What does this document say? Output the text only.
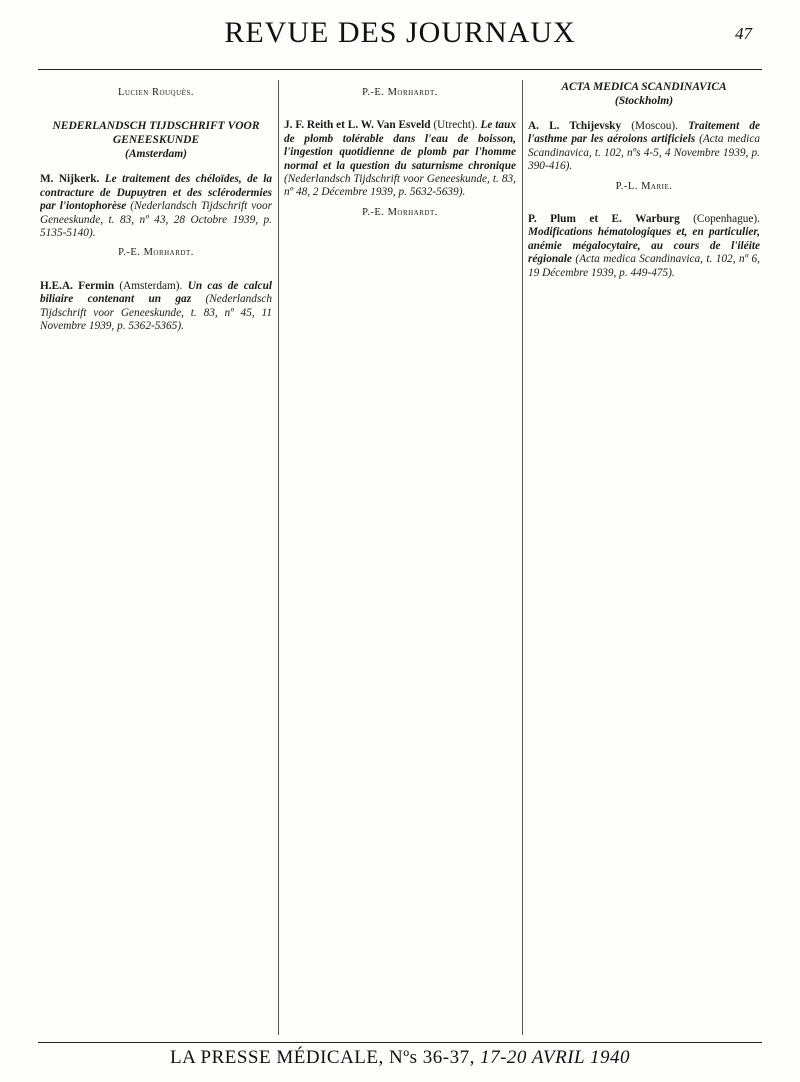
REVUE DES JOURNAUX	47
Lucien Rouquès.
NEDERLANDSCH TIJDSCHRIFT VOOR GENEESKUNDE
(Amsterdam)

M. Nijkerk. Le traitement des chéloïdes, de la contracture de Dupuytren et des sclérodermies par l'iontophorèse (Nederlandsch Tijdschrift voor Geneeskunde, t. 83, nº 43, 28 Octobre 1939, p. 5135-5140).

P.-E. Morhardt.

H.E.A. Fermin (Amsterdam). Un cas de calcul biliaire contenant un gaz (Nederlandsch Tijdschrift voor Geneeskunde, t. 83, nº 45, 11 Novembre 1939, p. 5362-5365).

P.-E. Morhardt.

J. F. Reith et L. W. Van Esveld (Utrecht). Le taux de plomb tolérable dans l'eau de boisson, l'ingestion quotidienne de plomb par l'homme normal et la question du saturnisme chronique (Nederlandsch Tijdschrift voor Geneeskunde, t. 83, nº 48, 2 Décembre 1939, p. 5632-5639).

P.-E. Morhardt.
ACTA MEDICA SCANDINAVICA
(Stockholm)

A. L. Tchijevsky (Moscou). Traitement de l'asthme par les aéroions artificiels (Acta medica Scandinavica, t. 102, nºs 4-5, 4 Novembre 1939, p. 390-416).

P.-L. Marie.

P. Plum et E. Warburg (Copenhague). Modifications hématologiques et, en particulier, anémie mégalocytaire, au cours de l'iléite régionale (Acta medica Scandinavica, t. 102, nº 6, 19 Décembre 1939, p. 449-475).

LA PRESSE MÉDICALE, Nºs 36-37, 17-20 AVRIL 1940
